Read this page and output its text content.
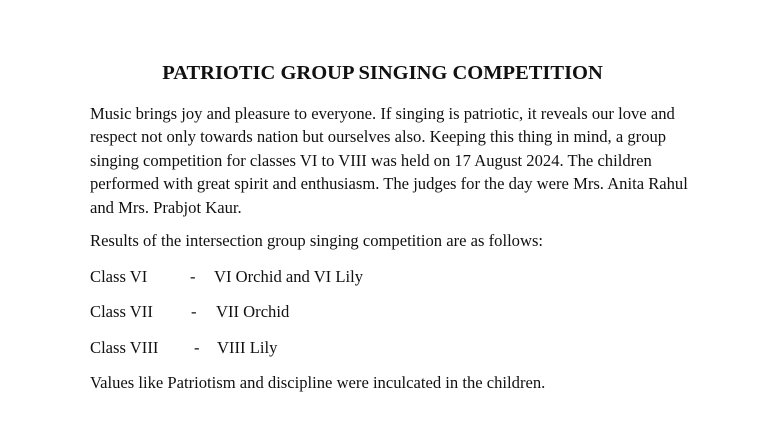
PATRIOTIC GROUP SINGING COMPETITION

Music brings joy and pleasure to everyone. If singing is patriotic, it reveals our love and respect not only towards nation but ourselves also. Keeping this thing in mind, a group singing competition for classes VI to VIII was held on 17 August 2024. The children performed with great spirit and enthusiasm. The judges for the day were Mrs. Anita Rahul and Mrs. Prabjot Kaur.

Results of the intersection group singing competition are as follows:

Class VI	- VI Orchid and VI Lily
Class VII - VII Orchid
Class VIII - VIII Lily

Values like Patriotism and discipline were inculcated in the children.
